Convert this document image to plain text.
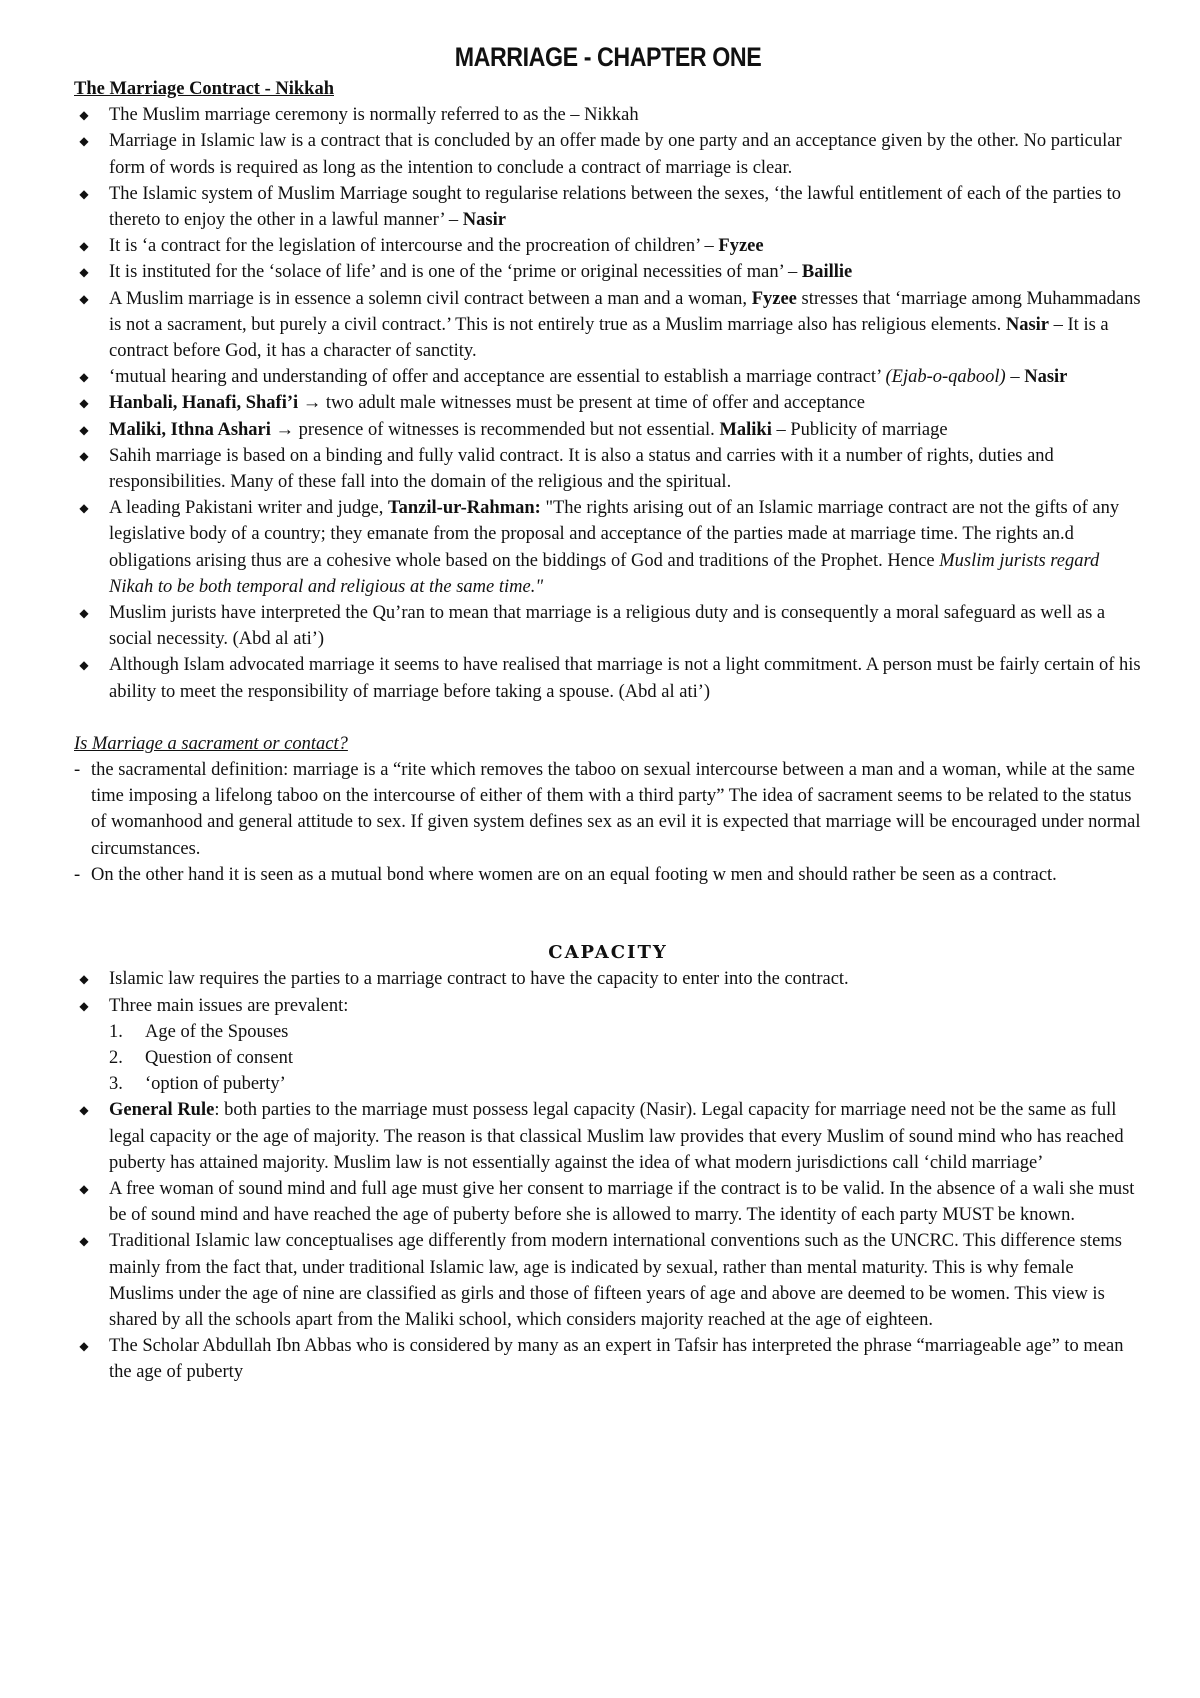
MARRIAGE - CHAPTER ONE

The Marriage Contract - Nikkah

◆ The Muslim marriage ceremony is normally referred to as the – Nikkah
◆ Marriage in Islamic law is a contract that is concluded by an offer made by one party and an acceptance given by the other. No particular form of words is required as long as the intention to conclude a contract of marriage is clear.
◆ The Islamic system of Muslim Marriage sought to regularise relations between the sexes, ‘the lawful entitlement of each of the parties to thereto to enjoy the other in a lawful manner’ – Nasir
◆ It is ‘a contract for the legislation of intercourse and the procreation of children’ – Fyzee
◆ It is instituted for the ‘solace of life’ and is one of the ‘prime or original necessities of man’ – Baillie
◆ A Muslim marriage is in essence a solemn civil contract between a man and a woman, Fyzee stresses that ‘marriage among Muhammadans is not a sacrament, but purely a civil contract.’ This is not entirely true as a Muslim marriage also has religious elements. Nasir – It is a contract before God, it has a character of sanctity.
◆ ‘mutual hearing and understanding of offer and acceptance are essential to establish a marriage contract’ (Ejab-o-qabool) – Nasir
◆ Hanbali, Hanafi, Shafi’i → two adult male witnesses must be present at time of offer and acceptance
◆ Maliki, Ithna Ashari → presence of witnesses is recommended but not essential. Maliki – Publicity of marriage
◆ Sahih marriage is based on a binding and fully valid contract. It is also a status and carries with it a number of rights, duties and responsibilities. Many of these fall into the domain of the religious and the spiritual.
◆ A leading Pakistani writer and judge, Tanzil-ur-Rahman: "The rights arising out of an Islamic marriage contract are not the gifts of any legislative body of a country; they emanate from the proposal and acceptance of the parties made at marriage time. The rights an.d obligations arising thus are a cohesive whole based on the biddings of God and traditions of the Prophet. Hence Muslim jurists regard Nikah to be both temporal and religious at the same time."
◆ Muslim jurists have interpreted the Qu’ran to mean that marriage is a religious duty and is consequently a moral safeguard as well as a social necessity. (Abd al ati’)
◆ Although Islam advocated marriage it seems to have realised that marriage is not a light commitment. A person must be fairly certain of his ability to meet the responsibility of marriage before taking a spouse. (Abd al ati’)

Is Marriage a sacrament or contact?

- the sacramental definition: marriage is a “rite which removes the taboo on sexual intercourse between a man and a woman, while at the same time imposing a lifelong taboo on the intercourse of either of them with a third party” The idea of sacrament seems to be related to the status of womanhood and general attitude to sex. If given system defines sex as an evil it is expected that marriage will be encouraged under normal circumstances.
- On the other hand it is seen as a mutual bond where women are on an equal footing w men and should rather be seen as a contract.

CAPACITY

◆ Islamic law requires the parties to a marriage contract to have the capacity to enter into the contract.
◆ Three main issues are prevalent:
1. Age of the Spouses
2. Question of consent
3. ‘option of puberty’
◆ General Rule: both parties to the marriage must possess legal capacity (Nasir). Legal capacity for marriage need not be the same as full legal capacity or the age of majority. The reason is that classical Muslim law provides that every Muslim of sound mind who has reached puberty has attained majority. Muslim law is not essentially against the idea of what modern jurisdictions call ‘child marriage’
◆ A free woman of sound mind and full age must give her consent to marriage if the contract is to be valid. In the absence of a wali she must be of sound mind and have reached the age of puberty before she is allowed to marry. The identity of each party MUST be known.
◆ Traditional Islamic law conceptualises age differently from modern international conventions such as the UNCRC. This difference stems mainly from the fact that, under traditional Islamic law, age is indicated by sexual, rather than mental maturity. This is why female Muslims under the age of nine are classified as girls and those of fifteen years of age and above are deemed to be women. This view is shared by all the schools apart from the Maliki school, which considers majority reached at the age of eighteen.
◆ The Scholar Abdullah Ibn Abbas who is considered by many as an expert in Tafsir has interpreted the phrase “marriageable age” to mean the age of puberty
